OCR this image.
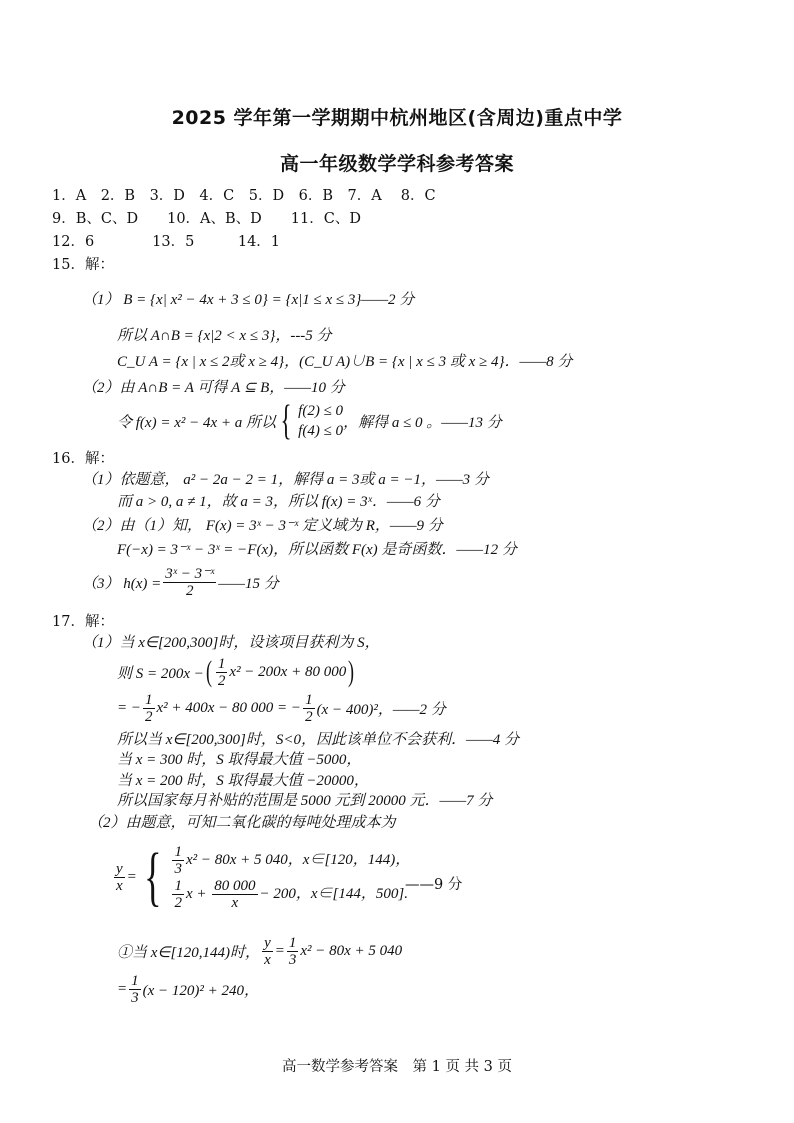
2025 学年第一学期期中杭州地区(含周边)重点中学
高一年级数学学科参考答案
1．A　2．B　3．D　4．C　5．D　6．B　7．A　 8．C
9．B、C、D　　10．A、B、D　　11．C、D
12．6　　　　13．5　　　14．1
15．解：
（1） B = {x| x² − 4x + 3 ≤ 0} = {x|1 ≤ x ≤ 3}——2 分
所以 A∩B = {x|2 < x ≤ 3}，---5 分
C_U A = {x | x ≤ 2或 x ≥ 4}，(C_U A)∪B = {x | x ≤ 3 或 x ≥ 4}．——8 分
（2）由 A∩B = A 可得 A ⊆ B，——10 分
令 f(x) = x² − 4x + a 所以 { f(2) ≤ 0
f(4) ≤ 0
，解得 a ≤ 0 。——13 分
16．解：
（1）依题意， a² − 2a − 2 = 1，解得 a = 3或 a = −1，——3 分
而 a > 0, a ≠ 1，故 a = 3，所以 f(x) = 3ˣ．——6 分
（2）由（1）知， F(x) = 3ˣ − 3⁻ˣ 定义域为 R，——9 分
F(−x) = 3⁻ˣ − 3ˣ = −F(x)，所以函数 F(x) 是奇函数．——12 分
（3） $h(x) = \frac{\text{3ˣ − 3⁻ˣ}}{2}$ ——15 分
17．解：
（1）当 x∈[200,300]时，设该项目获利为 S，
则 S = 200x − ( $\frac{1}{2} x^2 - 200x + 80$ 000 )
= − $\frac{1}{2} x^2 + 400x - 80$ 000 = − $\frac{1}{2} (x - 400)^2$，——2 分
所以当 x∈[200,300]时，S<0，因此该单位不会获利．——4 分
当 x = 300 时，S 取得最大值 −5000，
当 x = 200 时，S 取得最大值 −20000，
所以国家每月补贴的范围是 5000 元到 20000 元．——7 分
（2）由题意，可知二氧化碳的每吨处理成本为
$\frac{y}{x}$ = { $\frac{1}{3} x^2 - 80x + 5$ 040，x∈[120，144)，
$\frac{1}{2}$ $x + \frac{80 000}{x} - 200$，x∈[144，500].
——9 分
①当 x∈[120,144)时， $\frac{y}{x} = \frac{1}{3} x^2 - 80x + 5$ 040
= $\frac{1}{3} (x - 120)^2 + 240$，
高一数学参考答案　第 1 页 共 3 页
